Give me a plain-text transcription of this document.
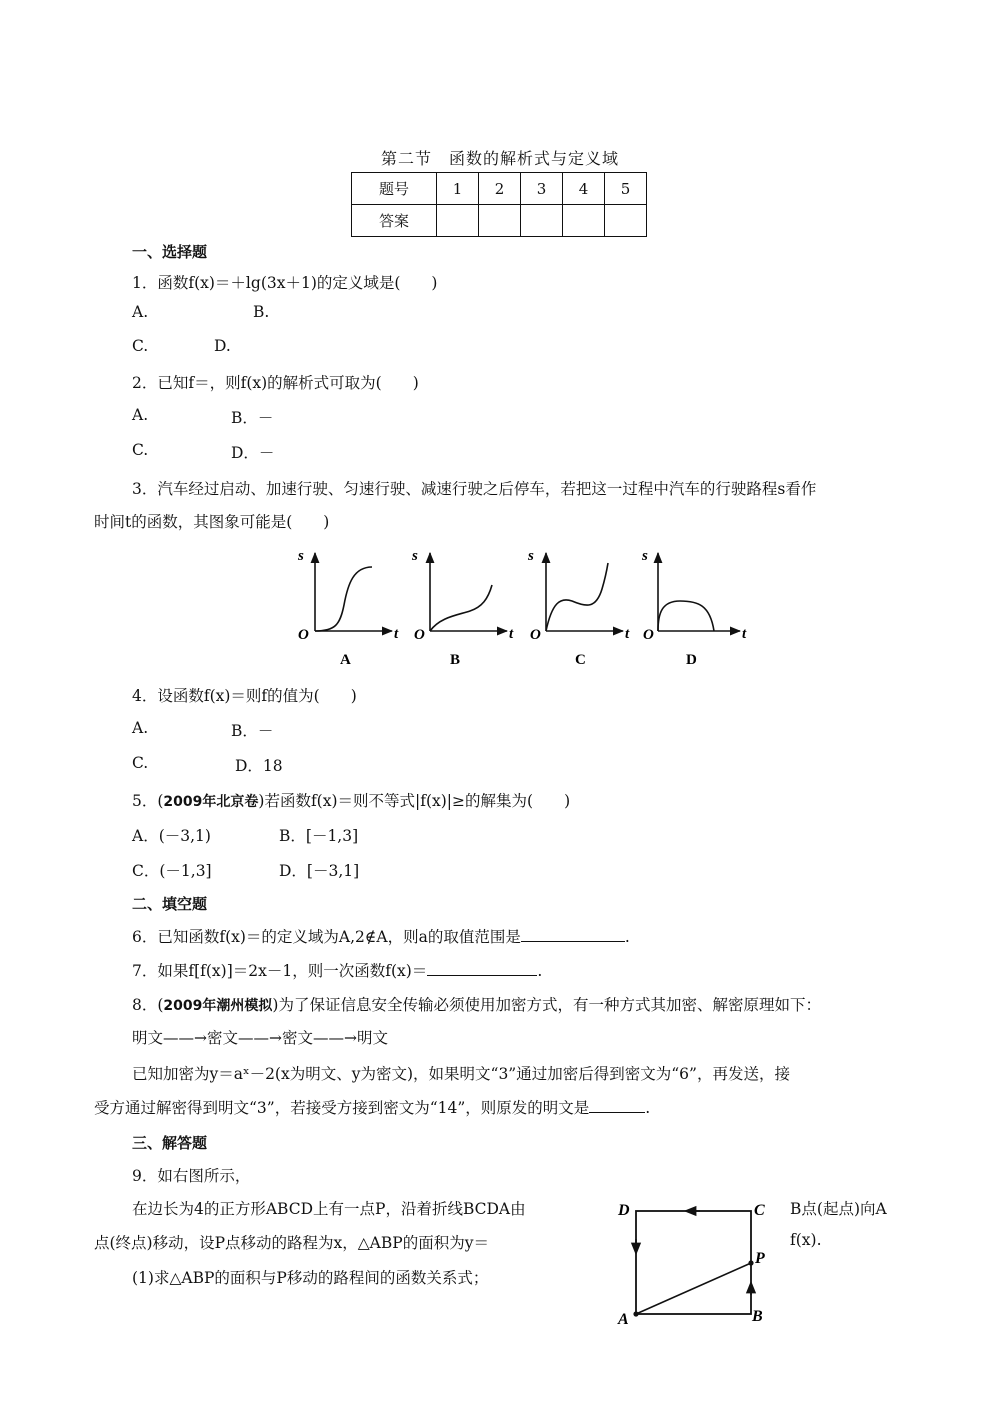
第二节　函数的解析式与定义域
题号	1	2	3	4	5
答案					
一、选择题
1．函数f(x)＝＋lg(3x＋1)的定义域是(　　)
A.	B.
C.	D.
2．已知f＝，则f(x)的解析式可取为(　　)
A.	B．－
C.	D．－
3．汽车经过启动、加速行驶、匀速行驶、减速行驶之后停车，若把这一过程中汽车的行驶路程s看作
时间t的函数，其图象可能是(　　)
s
t
O
A
s
t
O
B
s
t
O
C
s
t
O
D
4．设函数f(x)＝则f的值为(　　)
A.	B．－
C.	D．18
5．(2009年北京卷)若函数f(x)＝则不等式|f(x)|≥的解集为(　　)
A．(－3,1)	B．[－1,3]
C．(－1,3]	D．[－3,1]
二、填空题
6．已知函数f(x)＝的定义域为A,2∉A，则a的取值范围是	.
7．如果f[f(x)]＝2x－1，则一次函数f(x)＝	.
8．(2009年潮州模拟)为了保证信息安全传输必须使用加密方式，有一种方式其加密、解密原理如下：
明文——→密文——→密文——→明文
已知加密为y＝aˣ－2(x为明文、y为密文)，如果明文“3”通过加密后得到密文为“6”，再发送，接
受方通过解密得到明文“3”，若接受方接到密文为“14”，则原发的明文是	.
三、解答题
9．如右图所示，
在边长为4的正方形ABCD上有一点P，沿着折线BCDA由	B点(起点)向A
点(终点)移动，设P点移动的路程为x，△ABP的面积为y＝	f(x).
(1)求△ABP的面积与P移动的路程间的函数关系式；
D	C
P
B
A
